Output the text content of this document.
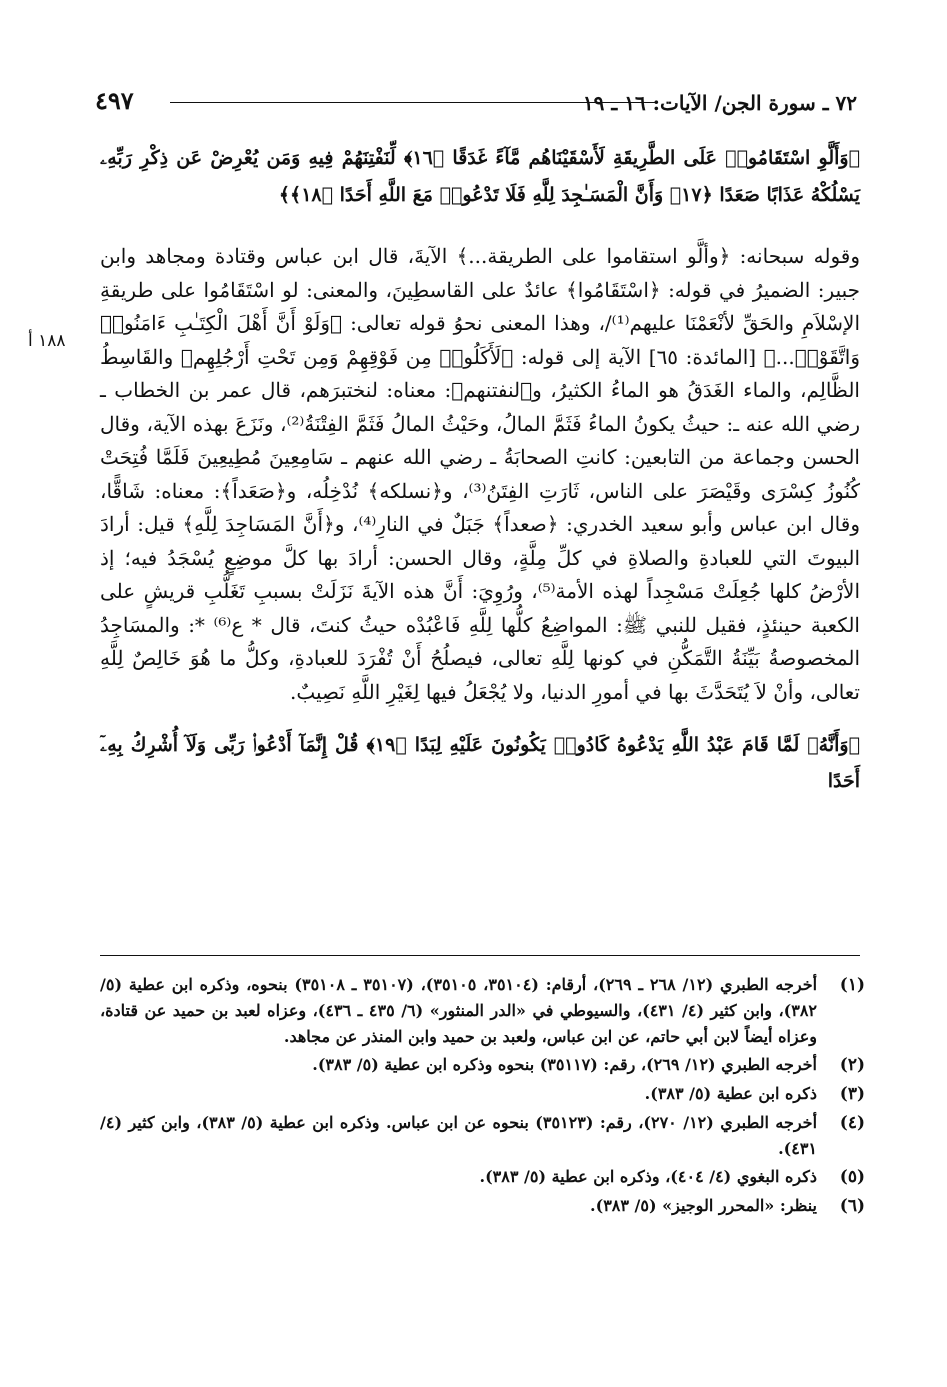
٤٩٧	٧٢ ـ سورة الجن/ الآيات: ١٦ ـ ١٩
١٨٨ أ

﴿وَأَلَّوِ اسْتَقَامُوا۟ عَلَى الطَّرِيقَةِ لَأَسْقَيْنَاهُم مَّآءً غَدَقًا ﴿١٦﴾ لِّنَفْتِنَهُمْ فِيهِ وَمَن يُعْرِضْ عَن ذِكْرِ رَبِّهِۦ

يَسْلُكْهُ عَذَابًا صَعَدًا ﴿١٧﴾ وَأَنَّ الْمَسَـٰجِدَ لِلَّهِ فَلَا تَدْعُوا۟ مَعَ اللَّهِ أَحَدًا ﴿١٨﴾﴾

وقوله سبحانه: ﴿وألَّو استقاموا على الطريقة...﴾ الآيةَ، قال ابن عباس وقتادة ومجاهد وابن جبير: الضميرُ في قوله: ﴿اسْتَقَامُوا﴾ عائدٌ على القاسطِينَ، والمعنى: لو اسْتَقَامُوا على طريقةِ الإسْلاَمِ والحَقِّ لأنْعَمْنَا عليهم⁽¹⁾/، وهذا المعنى نحوُ قوله تعالى: ﴿وَلَوْ أَنَّ أَهْلَ الْكِتَـٰبِ ءَامَنُوا۟ وَاتَّقَوْا۟...﴾ [المائدة: ٦٥] الآية إلى قوله: ﴿لَأَكَلُوا۟ مِن فَوْقِهِمْ وَمِن تَحْتِ أَرْجُلِهِم﴾ والقَاسِطُ الظَّالِم، والماء الغَدَقُ هو الماءُ الكثيرُ، و﴿لنفتنهم﴾: معناه: لنختبرَهم، قال عمر بن الخطاب ـ رضي الله عنه ـ: حيثُ يكونُ الماءُ فَثَمَّ المالُ، وحَيْثُ المالُ فَثَمَّ الفِتْنَةُ⁽²⁾، ونَزَعَ بهذه الآية، وقال الحسن وجماعة من التابعين: كانتِ الصحابَةُ ـ رضي الله عنهم ـ سَامِعِينَ مُطِيعِينَ فَلَمَّا فُتِحَتْ كُنُوزُ كِسْرَى وقَيْصَرَ على الناس، ثَارَتِ الفِتَنُ⁽³⁾، و﴿نسلكه﴾ نُدْخِلُه، و﴿صَعَداً﴾: معناه: شَاقًّا، وقال ابن عباس وأبو سعيد الخدري: ﴿صعداً﴾ جَبَلٌ في النارِ⁽⁴⁾، و﴿أَنَّ المَسَاجِدَ لِلَّهِ﴾ قيل: أرادَ البيوتَ التي للعبادةِ والصلاةِ في كلِّ مِلَّةٍ، وقال الحسن: أرادَ بها كلَّ موضِعٍ يُسْجَدُ فيه؛ إذ الأرْضُ كلها جُعِلَتْ مَسْجِداً لهذه الأمة⁽⁵⁾، ورُوِيَ: أَنَّ هذه الآيةَ نَزَلَتْ بسببِ تَغَلُّبِ قريشٍ على الكعبة حينئذٍ، فقيل للنبي ﷺ: المواضِعُ كلُّها لِلَّهِ فَاعْبُدْه حيثُ كنتَ، قال * ع⁽⁶⁾ *: والمسَاجِدُ المخصوصةُ بَيِّنَةُ التَّمَكُّنِ في كونها لِلَّهِ تعالى، فيصلُحُ أَنْ تُفْرَدَ للعبادةِ، وكلُّ ما هُوَ خَالِصٌ لِلَّهِ تعالى، وأنْ لاَ يُتَحَدَّثَ بها في أمورِ الدنيا، ولا يُجْعَلُ فيها لِغَيْرِ اللَّهِ نَصِيبٌ.

﴿وَأَنَّهُۥ لَمَّا قَامَ عَبْدُ اللَّهِ يَدْعُوهُ كَادُوا۟ يَكُونُونَ عَلَيْهِ لِبَدًا ﴿١٩﴾ قُلْ إِنَّمَآ أَدْعُوا۟ رَبِّى وَلَآ أُشْرِكُ بِهِۦٓ أَحَدًا

(١)
أخرجه الطبري (١٢/ ٢٦٨ ـ ٢٦٩)، أرقام: (٣٥١٠٤، ٣٥١٠٥)، (٣٥١٠٧ ـ ٣٥١٠٨) بنحوه، وذكره ابن عطية (٥/ ٣٨٢)، وابن كثير (٤/ ٤٣١)، والسيوطي في «الدر المنثور» (٦/ ٤٣٥ ـ ٤٣٦)، وعزاه لعبد بن حميد عن قتادة، وعزاه أيضاً لابن أبي حاتم، عن ابن عباس، ولعبد بن حميد وابن المنذر عن مجاهد.
(٢)
أخرجه الطبري (١٢/ ٢٦٩)، رقم: (٣٥١١٧) بنحوه وذكره ابن عطية (٥/ ٣٨٣).
(٣)
ذكره ابن عطية (٥/ ٣٨٣).
(٤)
أخرجه الطبري (١٢/ ٢٧٠)، رقم: (٣٥١٢٣) بنحوه عن ابن عباس. وذكره ابن عطية (٥/ ٣٨٣)، وابن كثير (٤/ ٤٣١).
(٥)
ذكره البغوي (٤/ ٤٠٤)، وذكره ابن عطية (٥/ ٣٨٣).
(٦)
ينظر: «المحرر الوجيز» (٥/ ٣٨٣).
